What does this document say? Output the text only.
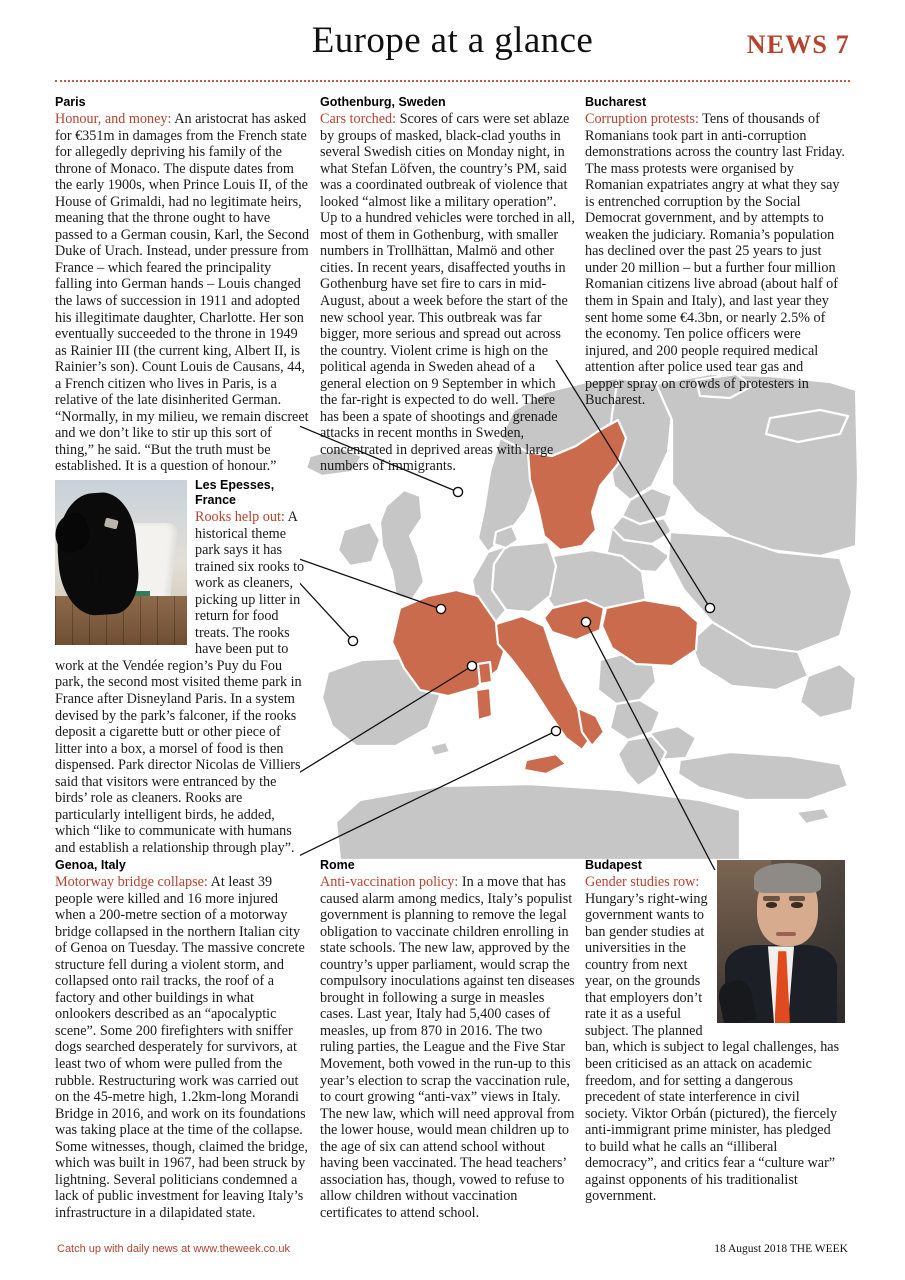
Europe at a glance	NEWS 7
Paris

Honour, and money: An aristocrat has asked for €351m in damages from the French state for allegedly depriving his family of the throne of Monaco. The dispute dates from the early 1900s, when Prince Louis II, of the House of Grimaldi, had no legitimate heirs, meaning that the throne ought to have passed to a German cousin, Karl, the Second Duke of Urach. Instead, under pressure from France – which feared the principality falling into German hands – Louis changed the laws of succession in 1911 and adopted his illegitimate daughter, Charlotte. Her son eventually succeeded to the throne in 1949 as Rainier III (the current king, Albert II, is Rainier’s son). Count Louis de Causans, 44, a French citizen who lives in Paris, is a relative of the late disinherited German. “Normally, in my milieu, we remain discreet and we don’t like to stir up this sort of thing,” he said. “But the truth must be established. It is a question of honour.”

Gothenburg, Sweden

Cars torched: Scores of cars were set ablaze by groups of masked, black-clad youths in several Swedish cities on Monday night, in what Stefan Löfven, the country’s PM, said was a coordinated outbreak of violence that looked “almost like a military operation”. Up to a hundred vehicles were torched in all, most of them in Gothenburg, with smaller numbers in Trollhättan, Malmö and other cities. In recent years, disaffected youths in Gothenburg have set fire to cars in mid-August, about a week before the start of the new school year. This outbreak was far bigger, more serious and spread out across the country. Violent crime is high on the political agenda in Sweden ahead of a general election on 9 September in which the far-right is expected to do well. There has been a spate of shootings and grenade attacks in recent months in Sweden, concentrated in deprived areas with large numbers of immigrants.

Bucharest

Corruption protests: Tens of thousands of Romanians took part in anti-corruption demonstrations across the country last Friday. The mass protests were organised by Romanian expatriates angry at what they say is entrenched corruption by the Social Democrat government, and by attempts to weaken the judiciary. Romania’s population has declined over the past 25 years to just under 20 million – but a further four million Romanian citizens live abroad (about half of them in Spain and Italy), and last year they sent home some €4.3bn, or nearly 2.5% of the economy. Ten police officers were injured, and 200 people required medical attention after police used tear gas and pepper spray on crowds of protesters in Bucharest.

Les Epesses, France

Rooks help out: A historical theme park says it has trained six rooks to work as cleaners, picking up litter in return for food treats. The rooks have been put to work at the Vendée region’s Puy du Fou park, the second most visited theme park in France after Disneyland Paris. In a system devised by the park’s falconer, if the rooks deposit a cigarette butt or other piece of litter into a box, a morsel of food is then dispensed. Park director Nicolas de Villiers said that visitors were entranced by the birds’ role as cleaners. Rooks are particularly intelligent birds, he added, which “like to communicate with humans and establish a relationship through play”.

Genoa, Italy

Motorway bridge collapse: At least 39 people were killed and 16 more injured when a 200-metre section of a motorway bridge collapsed in the northern Italian city of Genoa on Tuesday. The massive concrete structure fell during a violent storm, and collapsed onto rail tracks, the roof of a factory and other buildings in what onlookers described as an “apocalyptic scene”. Some 200 firefighters with sniffer dogs searched desperately for survivors, at least two of whom were pulled from the rubble. Restructuring work was carried out on the 45-metre high, 1.2km-long Morandi Bridge in 2016, and work on its foundations was taking place at the time of the collapse. Some witnesses, though, claimed the bridge, which was built in 1967, had been struck by lightning. Several politicians condemned a lack of public investment for leaving Italy’s infrastructure in a dilapidated state.

Rome

Anti-vaccination policy: In a move that has caused alarm among medics, Italy’s populist government is planning to remove the legal obligation to vaccinate children enrolling in state schools. The new law, approved by the country’s upper parliament, would scrap the compulsory inoculations against ten diseases brought in following a surge in measles cases. Last year, Italy had 5,400 cases of measles, up from 870 in 2016. The two ruling parties, the League and the Five Star Movement, both vowed in the run-up to this year’s election to scrap the vaccination rule, to court growing “anti-vax” views in Italy. The new law, which will need approval from the lower house, would mean children up to the age of six can attend school without having been vaccinated. The head teachers’ association has, though, vowed to refuse to allow children without vaccination certificates to attend school.

Budapest

Gender studies row: Hungary’s right-wing government wants to ban gender studies at universities in the country from next year, on the grounds that employers don’t rate it as a useful subject. The planned ban, which is subject to legal challenges, has been criticised as an attack on academic freedom, and for setting a dangerous precedent of state interference in civil society. Viktor Orbán (pictured), the fiercely anti-immigrant prime minister, has pledged to build what he calls an “illiberal democracy”, and critics fear a “culture war” against opponents of his traditionalist government.

Catch up with daily news at www.theweek.co.uk	18 August 2018 THE WEEK
